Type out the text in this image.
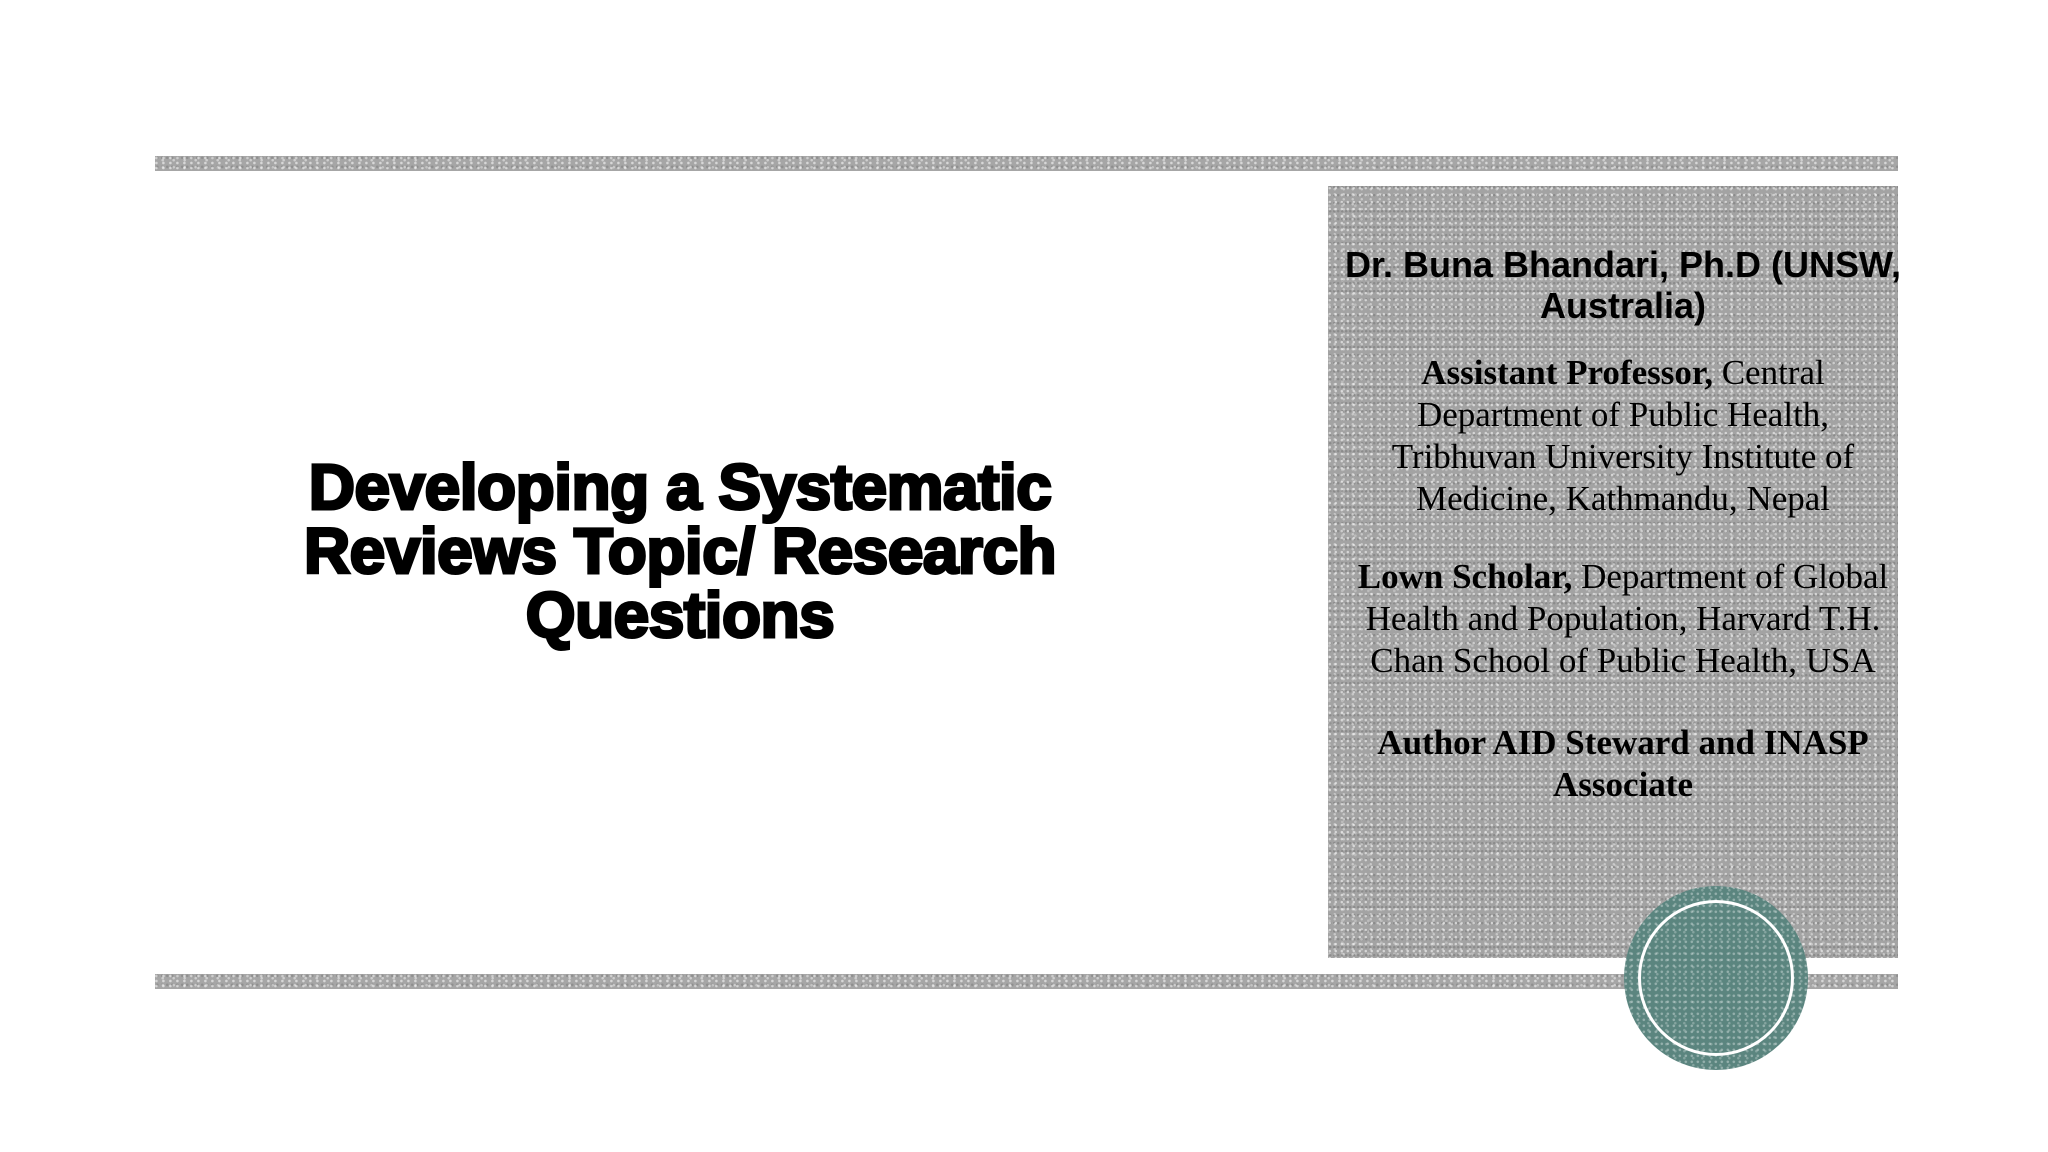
Developing a Systematic

Reviews Topic/ Research

Questions

Dr. Buna Bhandari, Ph.D (UNSW,
Australia)

Assistant Professor, Central Department of Public Health, Tribhuvan University Institute of Medicine, Kathmandu, Nepal

Lown Scholar, Department of Global Health and Population, Harvard T.H. Chan School of Public Health, USA

Author AID Steward and INASP Associate
